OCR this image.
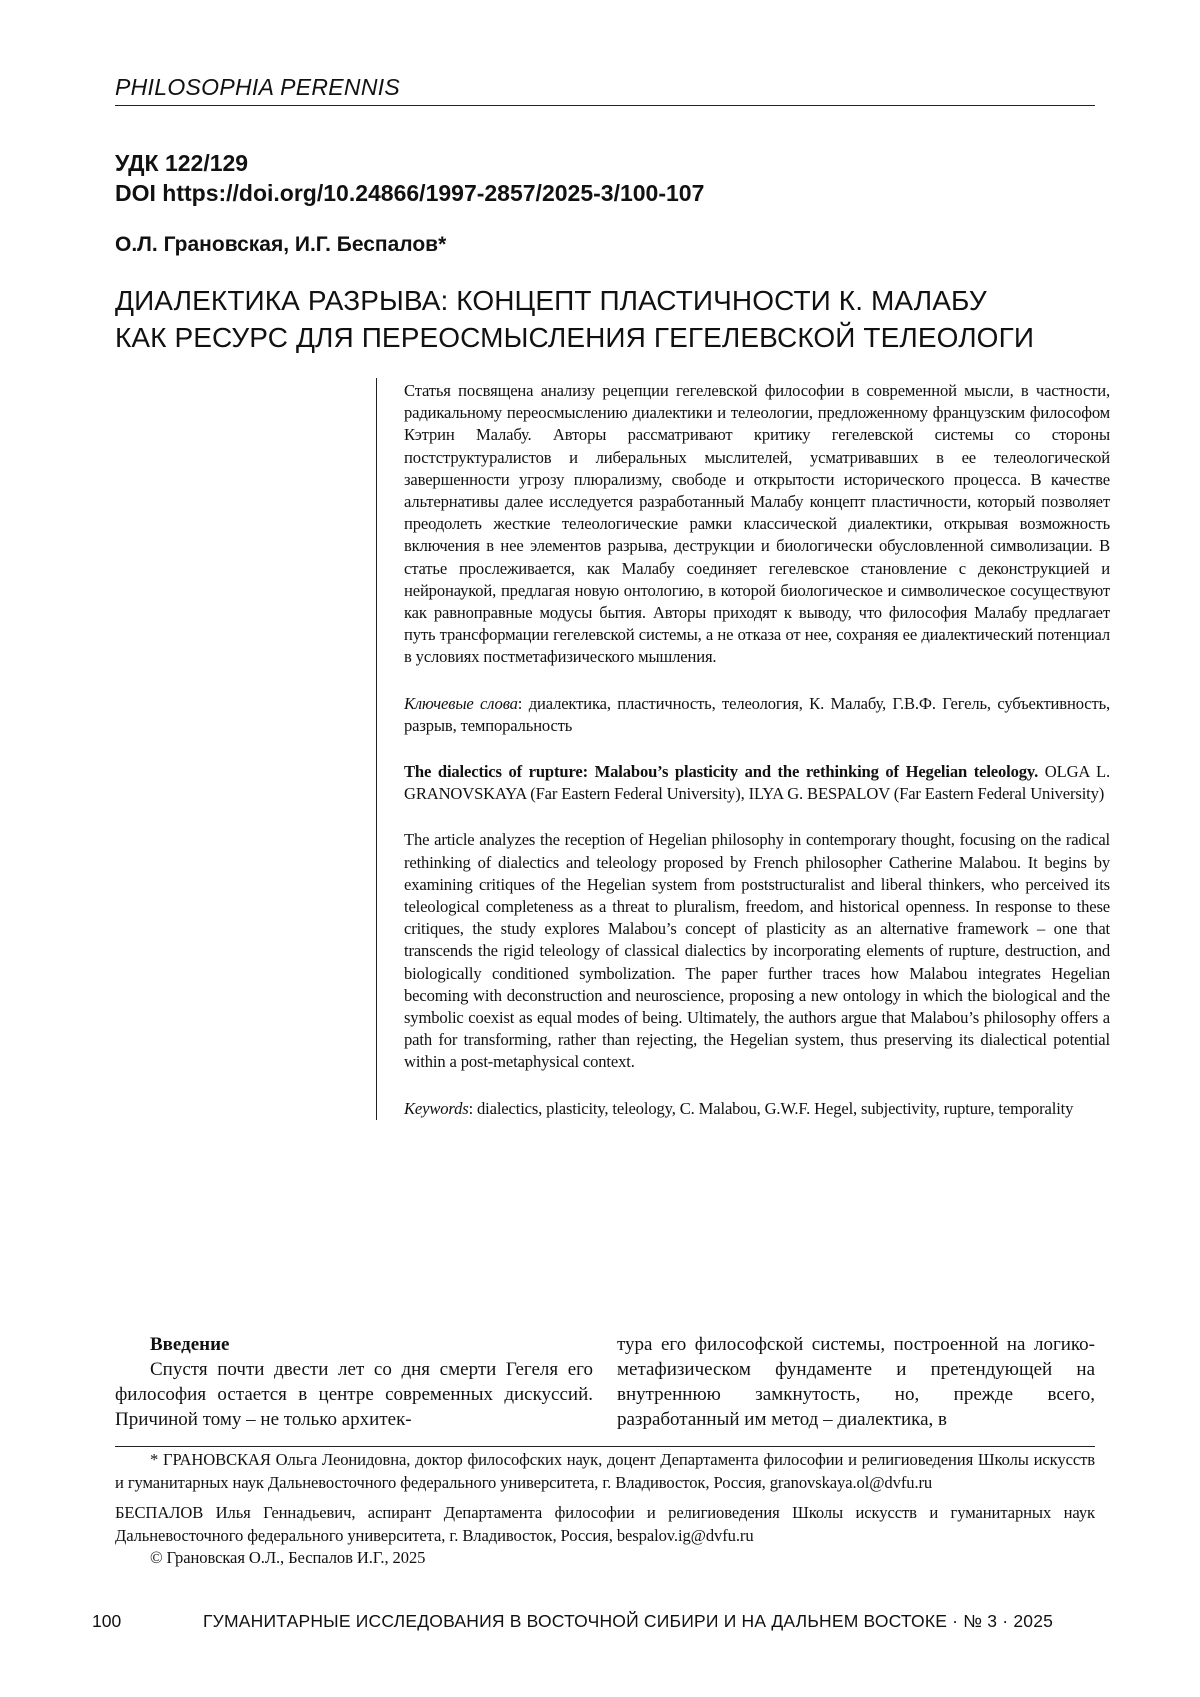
PHILOSOPHIA PERENNIS
УДК 122/129
DOI https://doi.org/10.24866/1997-2857/2025-3/100-107
О.Л. Грановская, И.Г. Беспалов*
ДИАЛЕКТИКА РАЗРЫВА: КОНЦЕПТ ПЛАСТИЧНОСТИ К. МАЛАБУ
КАК РЕСУРС ДЛЯ ПЕРЕОСМЫСЛЕНИЯ ГЕГЕЛЕВСКОЙ ТЕЛЕОЛОГИ

Статья посвящена анализу рецепции гегелевской философии в современной мысли, в частности, радикальному переосмыслению диалектики и телеологии, предложенному французским философом Кэтрин Малабу. Авторы рассматривают критику гегелевской системы со стороны постструктуралистов и либеральных мыслителей, усматривавших в ее телеологической завершенности угрозу плюрализму, свободе и открытости исторического процесса. В качестве альтернативы далее исследуется разработанный Малабу концепт пластичности, который позволяет преодолеть жесткие телеологические рамки классической диалектики, открывая возможность включения в нее элементов разрыва, деструкции и биологически обусловленной символизации. В статье прослеживается, как Малабу соединяет гегелевское становление с деконструкцией и нейронаукой, предлагая новую онтологию, в которой биологическое и символическое сосуществуют как равноправные модусы бытия. Авторы приходят к выводу, что философия Малабу предлагает путь трансформации гегелевской системы, а не отказа от нее, сохраняя ее диалектический потенциал в условиях постметафизического мышления.

Ключевые слова: диалектика, пластичность, телеология, К. Малабу, Г.В.Ф. Гегель, субъективность, разрыв, темпоральность

The dialectics of rupture: Malabou’s plasticity and the rethinking of Hegelian teleology. OLGA L. GRANOVSKAYA (Far Eastern Federal University), ILYA G. BESPALOV (Far Eastern Federal University)

The article analyzes the reception of Hegelian philosophy in contemporary thought, focusing on the radical rethinking of dialectics and teleology proposed by French philosopher Catherine Malabou. It begins by examining critiques of the Hegelian system from poststructuralist and liberal thinkers, who perceived its teleological completeness as a threat to pluralism, freedom, and historical openness. In response to these critiques, the study explores Malabou’s concept of plasticity as an alternative framework – one that transcends the rigid teleology of classical dialectics by incorporating elements of rupture, destruction, and biologically conditioned symbolization. The paper further traces how Malabou integrates Hegelian becoming with deconstruction and neuroscience, proposing a new ontology in which the biological and the symbolic coexist as equal modes of being. Ultimately, the authors argue that Malabou’s philosophy offers a path for transforming, rather than rejecting, the Hegelian system, thus preserving its dialectical potential within a post-metaphysical context.

Keywords: dialectics, plasticity, teleology, C. Malabou, G.W.F. Hegel, subjectivity, rupture, temporality

Введение

Спустя почти двести лет со дня смерти Гегеля его философия остается в центре современных дискуссий. Причиной тому – не только архитек-

тура его философской системы, построенной на логико-метафизическом фундаменте и претендующей на внутреннюю замкнутость, но, прежде всего, разработанный им метод – диалектика, в

* ГРАНОВСКАЯ Ольга Леонидовна, доктор философских наук, доцент Департамента философии и религиоведения Школы искусств и гуманитарных наук Дальневосточного федерального университета, г. Владивосток, Россия, granovskaya.ol@dvfu.ru

БЕСПАЛОВ Илья Геннадьевич, аспирант Департамента философии и религиоведения Школы искусств и гуманитарных наук Дальневосточного федерального университета, г. Владивосток, Россия, bespalov.ig@dvfu.ru

© Грановская О.Л., Беспалов И.Г., 2025

100	ГУМАНИТАРНЫЕ ИССЛЕДОВАНИЯ В ВОСТОЧНОЙ СИБИРИ И НА ДАЛЬНЕМ ВОСТОКЕ · № 3 · 2025
